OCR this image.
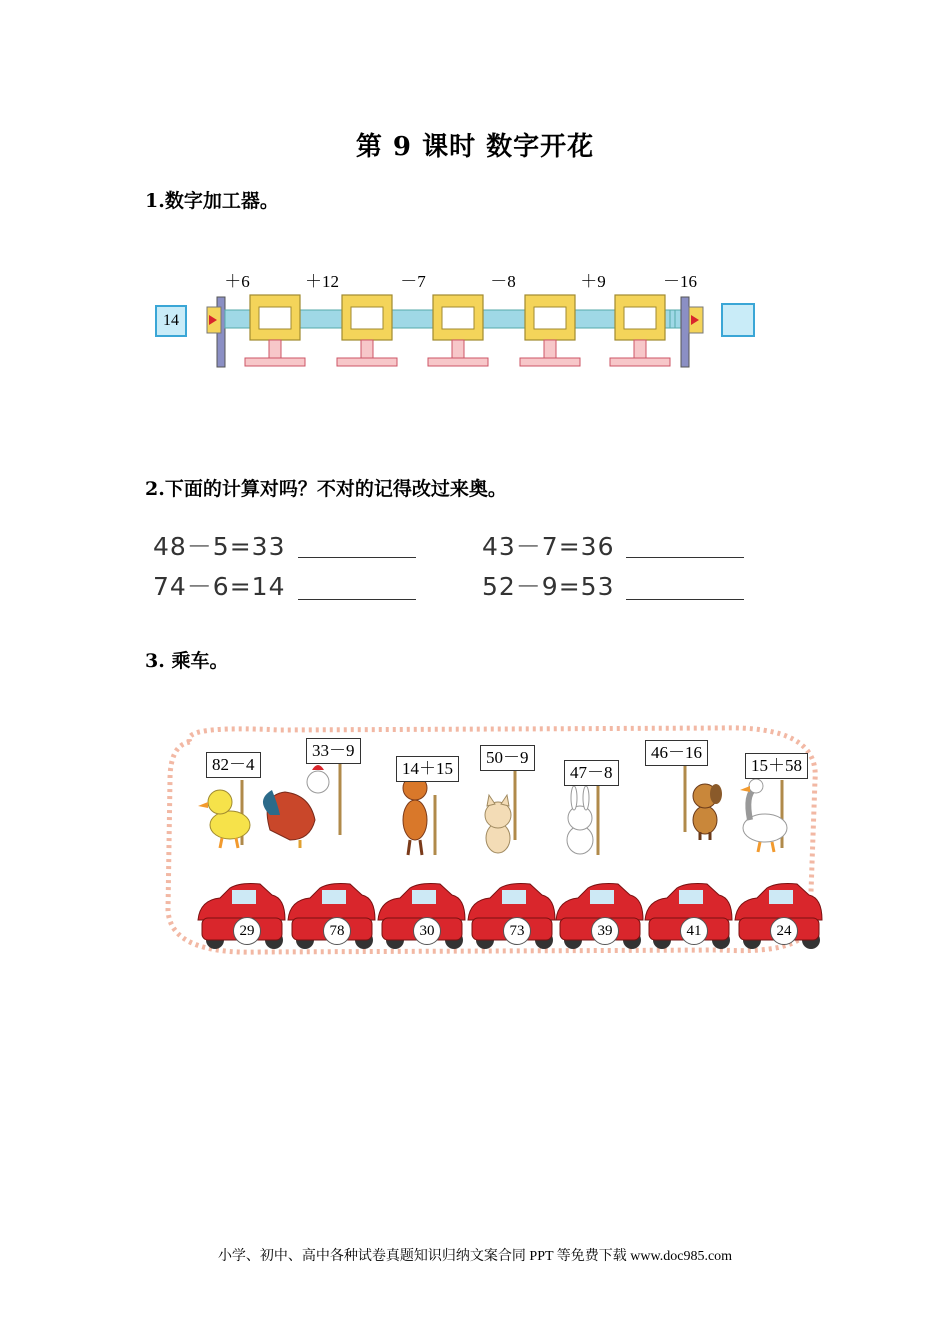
第 9 课时 数字开花
1.数字加工器。
14
＋6	＋12	－7	－8	＋9	－16
2.下面的计算对吗？不对的记得改过来奥。
48－5=33	43－7=36
74－6=14	52－9=53
3. 乘车。
82－4
33－9
14＋15
50－9
47－8
46－16
15＋58
29	78	30	73	39	41	24
小学、初中、高中各种试卷真题知识归纳文案合同 PPT 等免费下载 www.doc985.com
